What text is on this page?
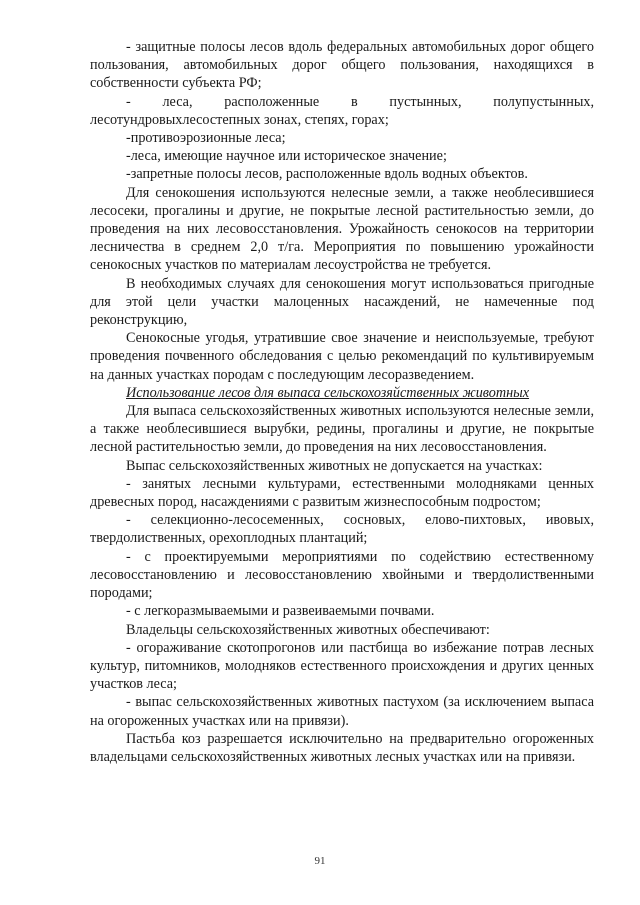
- защитные полосы лесов вдоль федеральных автомобильных дорог общего пользования, автомобильных дорог общего пользования, находящихся в собственности субъекта РФ;

- леса, расположенные в пустынных, полупустынных, лесотундровыхлесостепных зонах, степях, горах;

-противоэрозионные леса;

-леса, имеющие научное или историческое значение;

-запретные полосы лесов, расположенные вдоль водных объектов.

Для сенокошения используются нелесные земли, а также необлесившиеся лесосеки, прогалины и другие, не покрытые лесной растительностью земли, до проведения на них лесовосстановления. Урожайность сенокосов на территории лесничества в среднем 2,0 т/га. Мероприятия по повышению урожайности сенокосных участков по материалам лесоустройства не требуется.

В необходимых случаях для сенокошения могут использоваться пригодные для этой цели участки малоценных насаждений, не намеченные под реконструкцию,

Сенокосные угодья, утратившие свое значение и неиспользуемые, требуют проведения почвенного обследования с целью рекомендаций по культивируемым на данных участках породам с последующим лесоразведением.

Использование лесов для выпаса сельскохозяйственных животных

Для выпаса сельскохозяйственных животных используются нелесные земли, а также необлесившиеся вырубки, редины, прогалины и другие, не покрытые лесной растительностью земли, до проведения на них лесовосстановления.

Выпас сельскохозяйственных животных не допускается на участках:

- занятых лесными культурами, естественными молодняками ценных древесных пород, насаждениями с развитым жизнеспособным подростом;

- селекционно-лесосеменных, сосновых, елово-пихтовых, ивовых, твердолиственных, орехоплодных плантаций;

- с проектируемыми мероприятиями по содействию естественному лесовосстановлению и лесовосстановлению хвойными и твердолиственными породами;

- с легкоразмываемыми и развеиваемыми почвами.

Владельцы сельскохозяйственных животных обеспечивают:

- огораживание скотопрогонов или пастбища во избежание потрав лесных культур, питомников, молодняков естественного происхождения и других ценных участков леса;

- выпас сельскохозяйственных животных пастухом (за исключением выпаса на огороженных участках или на привязи).

Пастьба коз разрешается исключительно на предварительно огороженных владельцами сельскохозяйственных животных лесных участках или на привязи.

91
